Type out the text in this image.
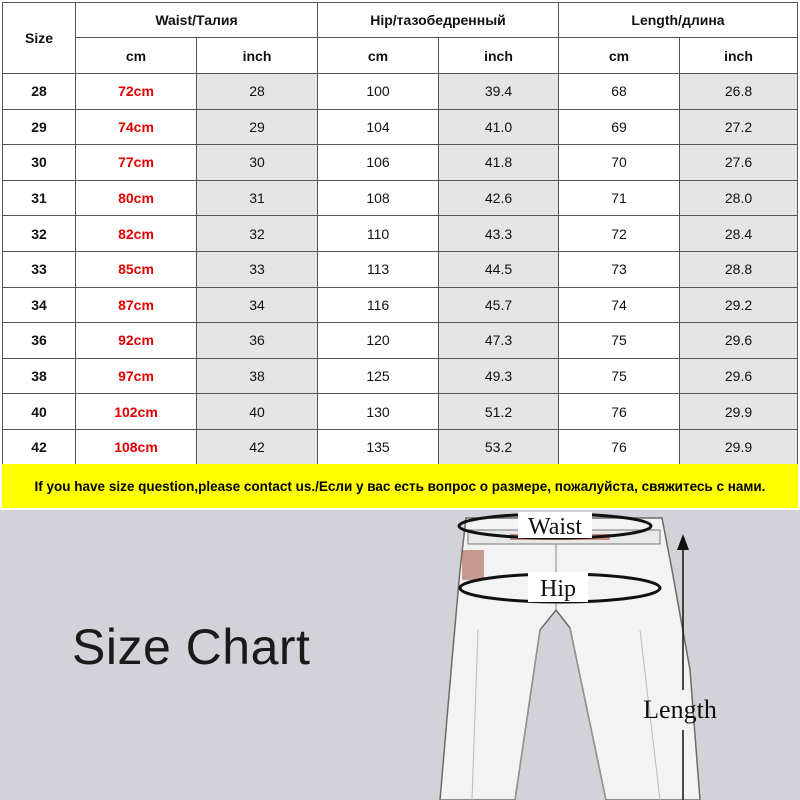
Size	Waist/Талия		Hip/тазобедренный		Length/длина	
	cm	inch	cm	inch	cm	inch
28	72cm	28	100	39.4	68	26.8
29	74cm	29	104	41.0	69	27.2
30	77cm	30	106	41.8	70	27.6
31	80cm	31	108	42.6	71	28.0
32	82cm	32	110	43.3	72	28.4
33	85cm	33	113	44.5	73	28.8
34	87cm	34	116	45.7	74	29.2
36	92cm	36	120	47.3	75	29.6
38	97cm	38	125	49.3	75	29.6
40	102cm	40	130	51.2	76	29.9
42	108cm	42	135	53.2	76	29.9
If you have size question,please contact us./Если у вас есть вопрос о размере, пожалуйста, свяжитесь с нами.
Size Chart
Waist
Hip
Length
